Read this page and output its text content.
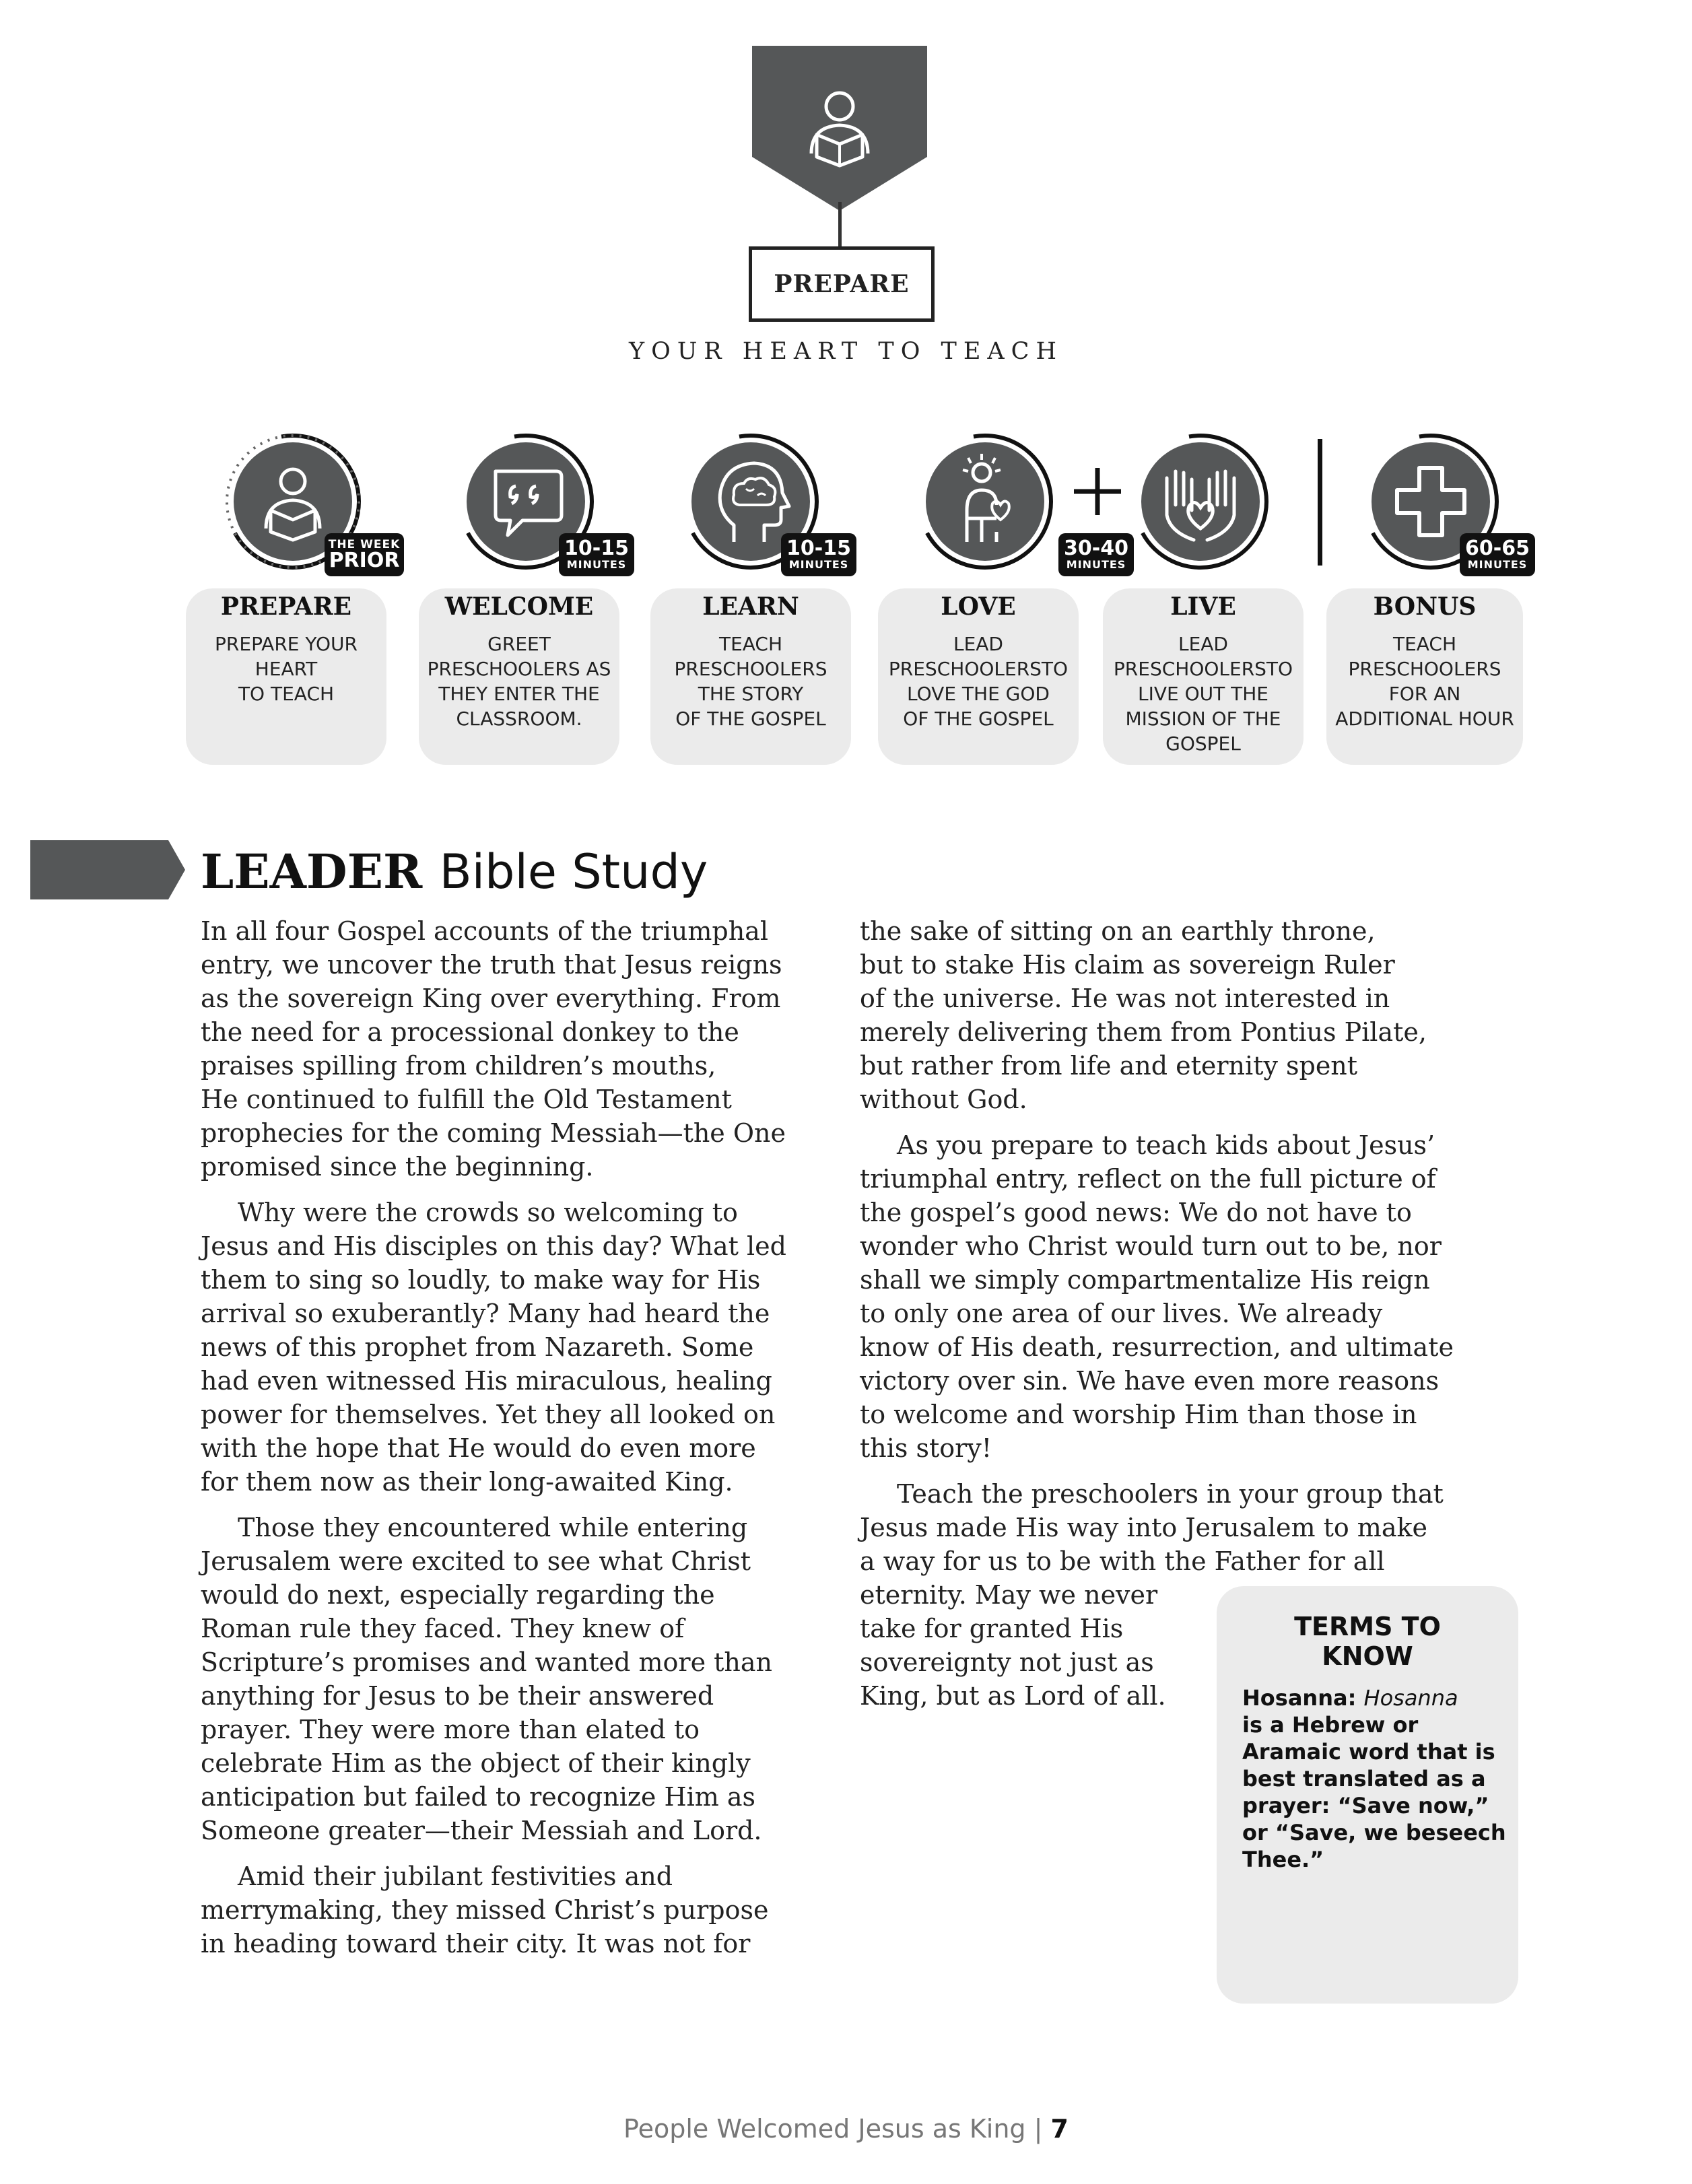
PREPARE
YOUR HEART TO TEACH
THE WEEK
PRIOR
10-15
MINUTES
10-15
MINUTES
30-40
MINUTES
60-65
MINUTES
PREPARE
PREPARE YOUR
HEART
TO TEACH
WELCOME
GREET
PRESCHOOLERS AS
THEY ENTER THE
CLASSROOM.
LEARN
TEACH
PRESCHOOLERS
THE STORY
OF THE GOSPEL
LOVE
LEAD
PRESCHOOLERSTO
LOVE THE GOD
OF THE GOSPEL
LIVE
LEAD
PRESCHOOLERSTO
LIVE OUT THE
MISSION OF THE
GOSPEL
BONUS
TEACH
PRESCHOOLERS
FOR AN
ADDITIONAL HOUR
LEADER Bible Study

In all four Gospel accounts of the triumphal
entry, we uncover the truth that Jesus reigns
as the sovereign King over everything. From
the need for a processional donkey to the
praises spilling from children’s mouths,
He continued to fulfill the Old Testament
prophecies for the coming Messiah—the One
promised since the beginning.

Why were the crowds so welcoming to
Jesus and His disciples on this day? What led
them to sing so loudly, to make way for His
arrival so exuberantly? Many had heard the
news of this prophet from Nazareth. Some
had even witnessed His miraculous, healing
power for themselves. Yet they all looked on
with the hope that He would do even more
for them now as their long-awaited King.

Those they encountered while entering
Jerusalem were excited to see what Christ
would do next, especially regarding the
Roman rule they faced. They knew of
Scripture’s promises and wanted more than
anything for Jesus to be their answered
prayer. They were more than elated to
celebrate Him as the object of their kingly
anticipation but failed to recognize Him as
Someone greater—their Messiah and Lord.

Amid their jubilant festivities and
merrymaking, they missed Christ’s purpose
in heading toward their city. It was not for

the sake of sitting on an earthly throne,
but to stake His claim as sovereign Ruler
of the universe. He was not interested in
merely delivering them from Pontius Pilate,
but rather from life and eternity spent
without God.

As you prepare to teach kids about Jesus’
triumphal entry, reflect on the full picture of
the gospel’s good news: We do not have to
wonder who Christ would turn out to be, nor
shall we simply compartmentalize His reign
to only one area of our lives. We already
know of His death, resurrection, and ultimate
victory over sin. We have even more reasons
to welcome and worship Him than those in
this story!

Teach the preschoolers in your group that
Jesus made His way into Jerusalem to make
a way for us to be with the Father for all
eternity. May we never
take for granted His
sovereignty not just as
King, but as Lord of all.

TERMS TO
KNOW
Hosanna: Hosanna
is a Hebrew or
Aramaic word that is
best translated as a
prayer: “Save now,”
or “Save, we beseech
Thee.”
People Welcomed Jesus as King | 7
